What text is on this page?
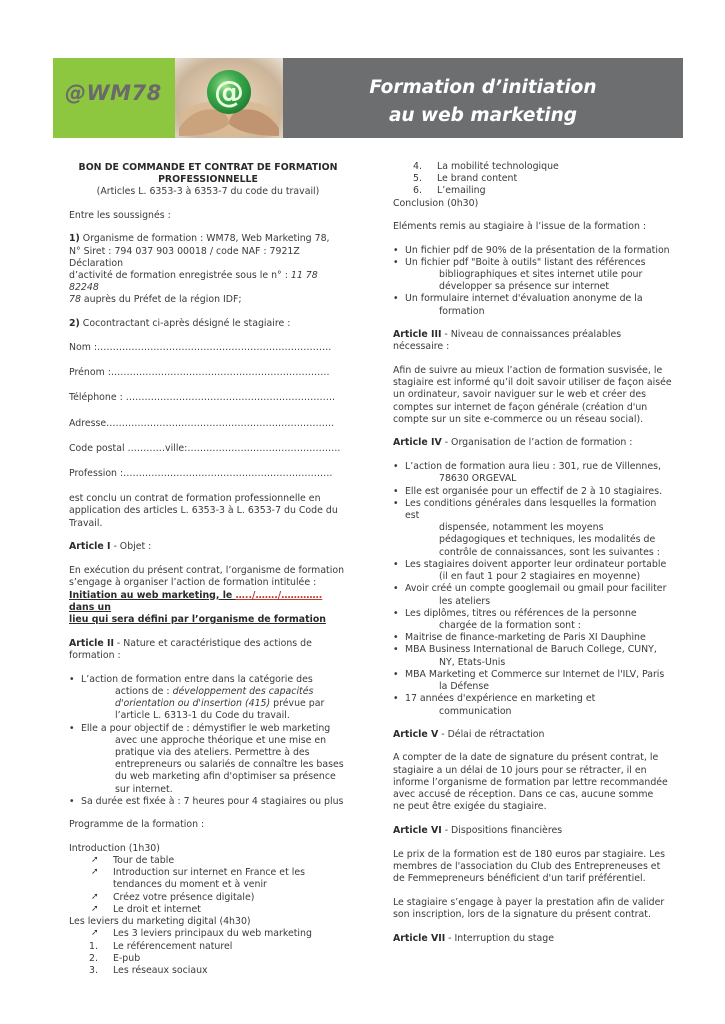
@WM78 @	Formation d’initiation
au web marketing
BON DE COMMANDE ET CONTRAT DE FORMATION
PROFESSIONNELLE
(Articles L. 6353-3 à 6353-7 du code du travail)

Entre les soussignés :

1) Organisme de formation : WM78, Web Marketing 78,
N° Siret : 794 037 903 00018 / code NAF : 7921Z Déclaration
d’activité de formation enregistrée sous le n° : 11 78 82248
78 auprès du Préfet de la région IDF;

2) Cocontractant ci-après désigné le stagiaire :

Nom :…………………………………………………………………
Prénom :…………………………………………………………….
Téléphone : ………………………………………………………….
Adresse……………………………………………………………….
Code postal …………ville:………………………………………….
Profession :………………………………………………………….

est conclu un contrat de formation professionnelle en
application des articles L. 6353-3 à L. 6353-7 du Code du
Travail.

Article I - Objet :

En exécution du présent contrat, l’organisme de formation
s’engage à organiser l’action de formation intitulée :
Initiation au web marketing, le …../……./…………. dans un
lieu qui sera défini par l’organisme de formation

Article II - Nature et caractéristique des actions de
formation :

• L’action de formation entre dans la catégorie des
actions de : développement des capacités
d'orientation ou d'insertion (415) prévue par
l’article L. 6313-1 du Code du travail.
• Elle a pour objectif de : démystifier le web marketing
avec une approche théorique et une mise en
pratique via des ateliers. Permettre à des
entrepreneurs ou salariés de connaître les bases
du web marketing afin d'optimiser sa présence
sur internet.
• Sa durée est fixée à : 7 heures pour 4 stagiaires ou plus

Programme de la formation :

Introduction (1h30)
➚	Tour de table
➚	Introduction sur internet en France et les
tendances du moment et à venir
➚	Créez votre présence digitale)
➚	Le droit et internet
Les leviers du marketing digital (4h30)
➚	Les 3 leviers principaux du web marketing
1. Le référencement naturel
2. E-pub
3. Les réseaux sociaux
4. La mobilité technologique
5. Le brand content
6. L’emailing
Conclusion (0h30)

Eléments remis au stagiaire à l’issue de la formation :

• Un fichier pdf de 90% de la présentation de la formation
• Un fichier pdf "Boite à outils" listant des références
bibliographiques et sites internet utile pour
développer sa présence sur internet
• Un formulaire internet d'évaluation anonyme de la
formation

Article III - Niveau de connaissances préalables
nécessaire :

Afin de suivre au mieux l’action de formation susvisée, le
stagiaire est informé qu’il doit savoir utiliser de façon aisée
un ordinateur, savoir naviguer sur le web et créer des
comptes sur internet de façon générale (création d'un
compte sur un site e-commerce ou un réseau social).

Article IV - Organisation de l’action de formation :

• L’action de formation aura lieu : 301, rue de Villennes,
78630 ORGEVAL
• Elle est organisée pour un effectif de 2 à 10 stagiaires.
• Les conditions générales dans lesquelles la formation est
dispensée, notamment les moyens
pédagogiques et techniques, les modalités de
contrôle de connaissances, sont les suivantes :
• Les stagiaires doivent apporter leur ordinateur portable
(il en faut 1 pour 2 stagiaires en moyenne)
• Avoir créé un compte googlemail ou gmail pour faciliter
les ateliers
• Les diplômes, titres ou références de la personne
chargée de la formation sont :
• Maitrise de finance-marketing de Paris XI Dauphine
• MBA Business International de Baruch College, CUNY,
NY, Etats-Unis
• MBA Marketing et Commerce sur Internet de l'ILV, Paris
la Défense
• 17 années d'expérience en marketing et
communication

Article V - Délai de rétractation

A compter de la date de signature du présent contrat, le
stagiaire a un délai de 10 jours pour se rétracter, il en
informe l’organisme de formation par lettre recommandée
avec accusé de réception. Dans ce cas, aucune somme
ne peut être exigée du stagiaire.

Article VI - Dispositions financières

Le prix de la formation est de 180 euros par stagiaire. Les
membres de l'association du Club des Entrepreneuses et
de Femmepreneurs bénéficient d'un tarif préférentiel.

Le stagiaire s’engage à payer la prestation afin de valider
son inscription, lors de la signature du présent contrat.

Article VII - Interruption du stage
